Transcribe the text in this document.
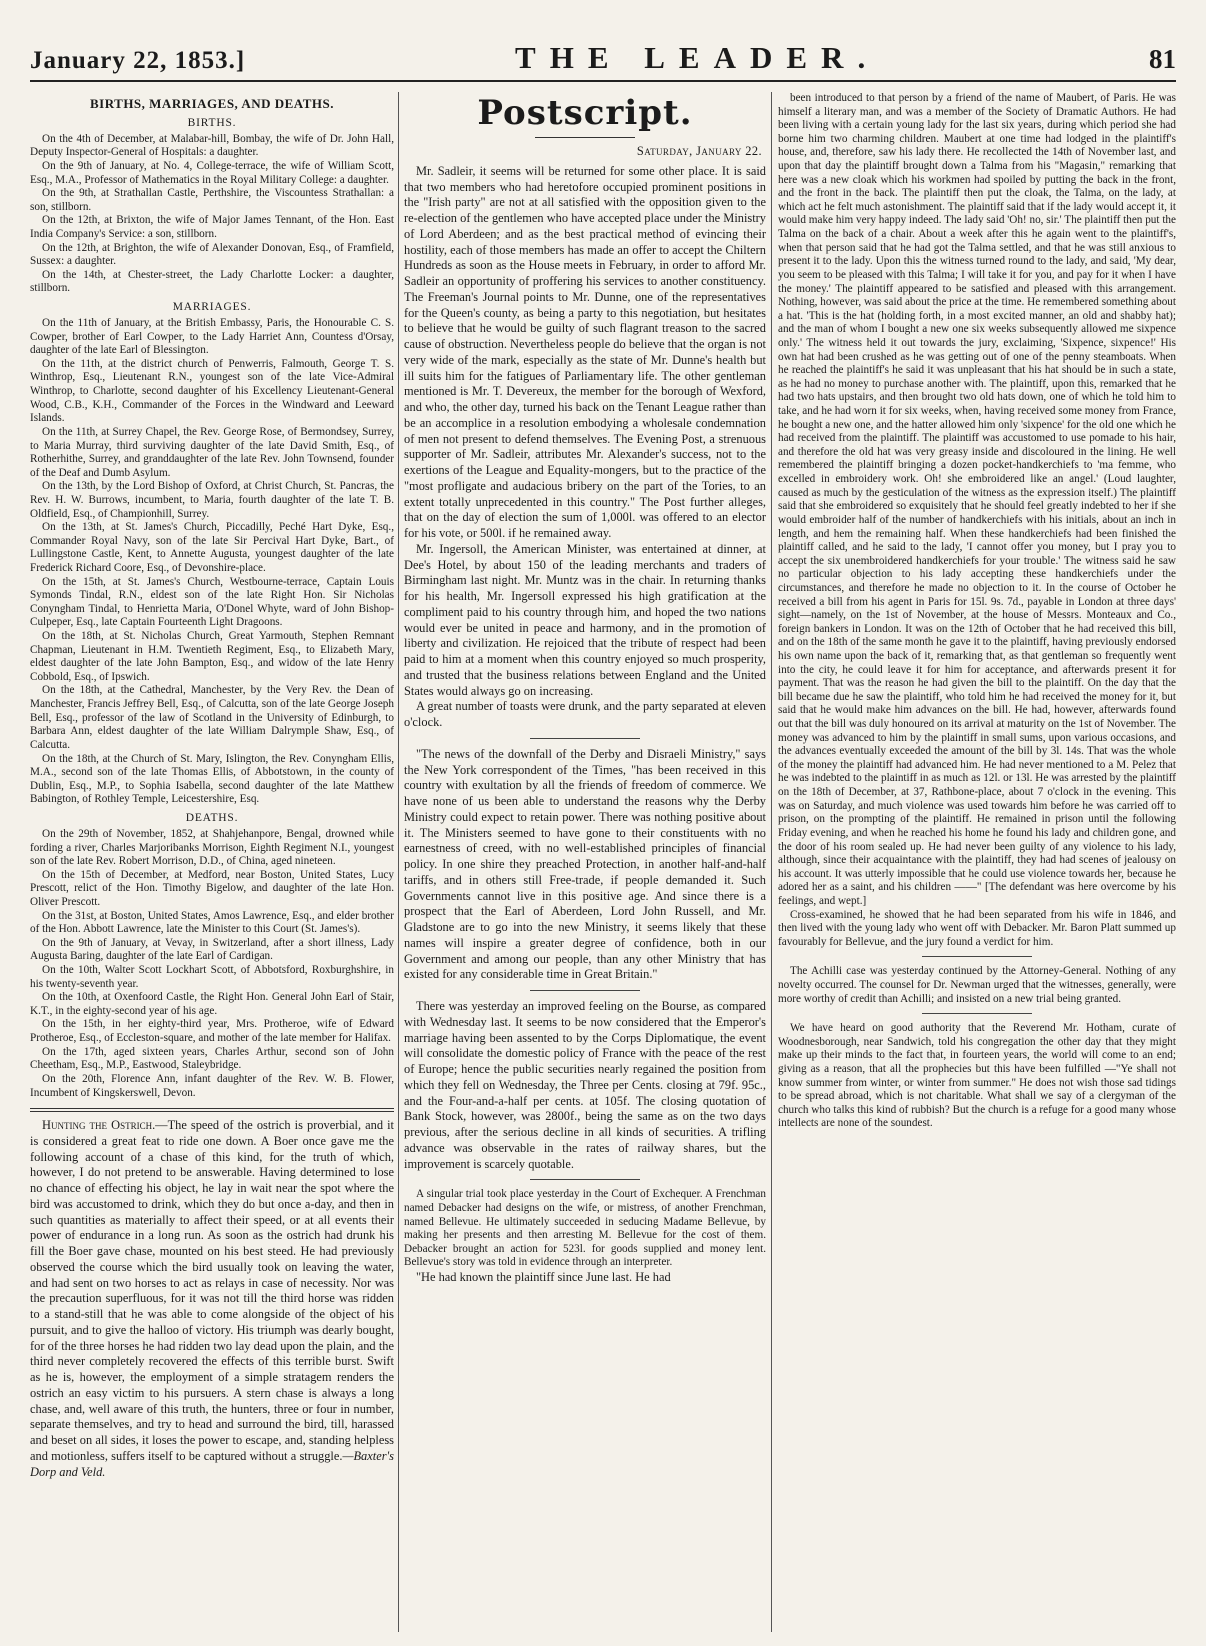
January 22, 1853.]	THE LEADER.	81
BIRTHS, MARRIAGES, AND DEATHS.
BIRTHS.

On the 4th of December, at Malabar-hill, Bombay, the wife of Dr. John Hall, Deputy Inspector-General of Hospitals: a daughter.

On the 9th of January, at No. 4, College-terrace, the wife of William Scott, Esq., M.A., Professor of Mathematics in the Royal Military College: a daughter.

On the 9th, at Strathallan Castle, Perthshire, the Viscountess Strathallan: a son, stillborn.

On the 12th, at Brixton, the wife of Major James Tennant, of the Hon. East India Company's Service: a son, stillborn.

On the 12th, at Brighton, the wife of Alexander Donovan, Esq., of Framfield, Sussex: a daughter.

On the 14th, at Chester-street, the Lady Charlotte Locker: a daughter, stillborn.

MARRIAGES.

On the 11th of January, at the British Embassy, Paris, the Honourable C. S. Cowper, brother of Earl Cowper, to the Lady Harriet Ann, Countess d'Orsay, daughter of the late Earl of Blessington.

On the 11th, at the district church of Penwerris, Falmouth, George T. S. Winthrop, Esq., Lieutenant R.N., youngest son of the late Vice-Admiral Winthrop, to Charlotte, second daughter of his Excellency Lieutenant-General Wood, C.B., K.H., Commander of the Forces in the Windward and Leeward Islands.

On the 11th, at Surrey Chapel, the Rev. George Rose, of Bermondsey, Surrey, to Maria Murray, third surviving daughter of the late David Smith, Esq., of Rotherhithe, Surrey, and granddaughter of the late Rev. John Townsend, founder of the Deaf and Dumb Asylum.

On the 13th, by the Lord Bishop of Oxford, at Christ Church, St. Pancras, the Rev. H. W. Burrows, incumbent, to Maria, fourth daughter of the late T. B. Oldfield, Esq., of Championhill, Surrey.

On the 13th, at St. James's Church, Piccadilly, Peché Hart Dyke, Esq., Commander Royal Navy, son of the late Sir Percival Hart Dyke, Bart., of Lullingstone Castle, Kent, to Annette Augusta, youngest daughter of the late Frederick Richard Coore, Esq., of Devonshire-place.

On the 15th, at St. James's Church, Westbourne-terrace, Captain Louis Symonds Tindal, R.N., eldest son of the late Right Hon. Sir Nicholas Conyngham Tindal, to Henrietta Maria, O'Donel Whyte, ward of John Bishop-Culpeper, Esq., late Captain Fourteenth Light Dragoons.

On the 18th, at St. Nicholas Church, Great Yarmouth, Stephen Remnant Chapman, Lieutenant in H.M. Twentieth Regiment, Esq., to Elizabeth Mary, eldest daughter of the late John Bampton, Esq., and widow of the late Henry Cobbold, Esq., of Ipswich.

On the 18th, at the Cathedral, Manchester, by the Very Rev. the Dean of Manchester, Francis Jeffrey Bell, Esq., of Calcutta, son of the late George Joseph Bell, Esq., professor of the law of Scotland in the University of Edinburgh, to Barbara Ann, eldest daughter of the late William Dalrymple Shaw, Esq., of Calcutta.

On the 18th, at the Church of St. Mary, Islington, the Rev. Conyngham Ellis, M.A., second son of the late Thomas Ellis, of Abbotstown, in the county of Dublin, Esq., M.P., to Sophia Isabella, second daughter of the late Matthew Babington, of Rothley Temple, Leicestershire, Esq.

DEATHS.

On the 29th of November, 1852, at Shahjehanpore, Bengal, drowned while fording a river, Charles Marjoribanks Morrison, Eighth Regiment N.I., youngest son of the late Rev. Robert Morrison, D.D., of China, aged nineteen.

On the 15th of December, at Medford, near Boston, United States, Lucy Prescott, relict of the Hon. Timothy Bigelow, and daughter of the late Hon. Oliver Prescott.

On the 31st, at Boston, United States, Amos Lawrence, Esq., and elder brother of the Hon. Abbott Lawrence, late the Minister to this Court (St. James's).

On the 9th of January, at Vevay, in Switzerland, after a short illness, Lady Augusta Baring, daughter of the late Earl of Cardigan.

On the 10th, Walter Scott Lockhart Scott, of Abbotsford, Roxburghshire, in his twenty-seventh year.

On the 10th, at Oxenfoord Castle, the Right Hon. General John Earl of Stair, K.T., in the eighty-second year of his age.

On the 15th, in her eighty-third year, Mrs. Protheroe, wife of Edward Protheroe, Esq., of Eccleston-square, and mother of the late member for Halifax.

On the 17th, aged sixteen years, Charles Arthur, second son of John Cheetham, Esq., M.P., Eastwood, Staleybridge.

On the 20th, Florence Ann, infant daughter of the Rev. W. B. Flower, Incumbent of Kingskerswell, Devon.

Hunting the Ostrich.—The speed of the ostrich is proverbial, and it is considered a great feat to ride one down. A Boer once gave me the following account of a chase of this kind, for the truth of which, however, I do not pretend to be answerable. Having determined to lose no chance of effecting his object, he lay in wait near the spot where the bird was accustomed to drink, which they do but once a-day, and then in such quantities as materially to affect their speed, or at all events their power of endurance in a long run. As soon as the ostrich had drunk his fill the Boer gave chase, mounted on his best steed. He had previously observed the course which the bird usually took on leaving the water, and had sent on two horses to act as relays in case of necessity. Nor was the precaution superfluous, for it was not till the third horse was ridden to a stand-still that he was able to come alongside of the object of his pursuit, and to give the halloo of victory. His triumph was dearly bought, for of the three horses he had ridden two lay dead upon the plain, and the third never completely recovered the effects of this terrible burst. Swift as he is, however, the employment of a simple stratagem renders the ostrich an easy victim to his pursuers. A stern chase is always a long chase, and, well aware of this truth, the hunters, three or four in number, separate themselves, and try to head and surround the bird, till, harassed and beset on all sides, it loses the power to escape, and, standing helpless and motionless, suffers itself to be captured without a struggle.—Baxter's Dorp and Veld.

Postscript.

Saturday, January 22.

Mr. Sadleir, it seems will be returned for some other place. It is said that two members who had heretofore occupied prominent positions in the "Irish party" are not at all satisfied with the opposition given to the re-election of the gentlemen who have accepted place under the Ministry of Lord Aberdeen; and as the best practical method of evincing their hostility, each of those members has made an offer to accept the Chiltern Hundreds as soon as the House meets in February, in order to afford Mr. Sadleir an opportunity of proffering his services to another constituency. The Freeman's Journal points to Mr. Dunne, one of the representatives for the Queen's county, as being a party to this negotiation, but hesitates to believe that he would be guilty of such flagrant treason to the sacred cause of obstruction. Nevertheless people do believe that the organ is not very wide of the mark, especially as the state of Mr. Dunne's health but ill suits him for the fatigues of Parliamentary life. The other gentleman mentioned is Mr. T. Devereux, the member for the borough of Wexford, and who, the other day, turned his back on the Tenant League rather than be an accomplice in a resolution embodying a wholesale condemnation of men not present to defend themselves. The Evening Post, a strenuous supporter of Mr. Sadleir, attributes Mr. Alexander's success, not to the exertions of the League and Equality-mongers, but to the practice of the "most profligate and audacious bribery on the part of the Tories, to an extent totally unprecedented in this country." The Post further alleges, that on the day of election the sum of 1,000l. was offered to an elector for his vote, or 500l. if he remained away.

Mr. Ingersoll, the American Minister, was entertained at dinner, at Dee's Hotel, by about 150 of the leading merchants and traders of Birmingham last night. Mr. Muntz was in the chair. In returning thanks for his health, Mr. Ingersoll expressed his high gratification at the compliment paid to his country through him, and hoped the two nations would ever be united in peace and harmony, and in the promotion of liberty and civilization. He rejoiced that the tribute of respect had been paid to him at a moment when this country enjoyed so much prosperity, and trusted that the business relations between England and the United States would always go on increasing.

A great number of toasts were drunk, and the party separated at eleven o'clock.

"The news of the downfall of the Derby and Disraeli Ministry," says the New York correspondent of the Times, "has been received in this country with exultation by all the friends of freedom of commerce. We have none of us been able to understand the reasons why the Derby Ministry could expect to retain power. There was nothing positive about it. The Ministers seemed to have gone to their constituents with no earnestness of creed, with no well-established principles of financial policy. In one shire they preached Protection, in another half-and-half tariffs, and in others still Free-trade, if people demanded it. Such Governments cannot live in this positive age. And since there is a prospect that the Earl of Aberdeen, Lord John Russell, and Mr. Gladstone are to go into the new Ministry, it seems likely that these names will inspire a greater degree of confidence, both in our Government and among our people, than any other Ministry that has existed for any considerable time in Great Britain."

There was yesterday an improved feeling on the Bourse, as compared with Wednesday last. It seems to be now considered that the Emperor's marriage having been assented to by the Corps Diplomatique, the event will consolidate the domestic policy of France with the peace of the rest of Europe; hence the public securities nearly regained the position from which they fell on Wednesday, the Three per Cents. closing at 79f. 95c., and the Four-and-a-half per cents. at 105f. The closing quotation of Bank Stock, however, was 2800f., being the same as on the two days previous, after the serious decline in all kinds of securities. A trifling advance was observable in the rates of railway shares, but the improvement is scarcely quotable.

A singular trial took place yesterday in the Court of Exchequer. A Frenchman named Debacker had designs on the wife, or mistress, of another Frenchman, named Bellevue. He ultimately succeeded in seducing Madame Bellevue, by making her presents and then arresting M. Bellevue for the cost of them. Debacker brought an action for 523l. for goods supplied and money lent. Bellevue's story was told in evidence through an interpreter.

"He had known the plaintiff since June last. He had

been introduced to that person by a friend of the name of Maubert, of Paris. He was himself a literary man, and was a member of the Society of Dramatic Authors. He had been living with a certain young lady for the last six years, during which period she had borne him two charming children. Maubert at one time had lodged in the plaintiff's house, and, therefore, saw his lady there. He recollected the 14th of November last, and upon that day the plaintiff brought down a Talma from his "Magasin," remarking that here was a new cloak which his workmen had spoiled by putting the back in the front, and the front in the back. The plaintiff then put the cloak, the Talma, on the lady, at which act he felt much astonishment. The plaintiff said that if the lady would accept it, it would make him very happy indeed. The lady said 'Oh! no, sir.' The plaintiff then put the Talma on the back of a chair. About a week after this he again went to the plaintiff's, when that person said that he had got the Talma settled, and that he was still anxious to present it to the lady. Upon this the witness turned round to the lady, and said, 'My dear, you seem to be pleased with this Talma; I will take it for you, and pay for it when I have the money.' The plaintiff appeared to be satisfied and pleased with this arrangement. Nothing, however, was said about the price at the time. He remembered something about a hat. 'This is the hat (holding forth, in a most excited manner, an old and shabby hat); and the man of whom I bought a new one six weeks subsequently allowed me sixpence only.' The witness held it out towards the jury, exclaiming, 'Sixpence, sixpence!' His own hat had been crushed as he was getting out of one of the penny steamboats. When he reached the plaintiff's he said it was unpleasant that his hat should be in such a state, as he had no money to purchase another with. The plaintiff, upon this, remarked that he had two hats upstairs, and then brought two old hats down, one of which he told him to take, and he had worn it for six weeks, when, having received some money from France, he bought a new one, and the hatter allowed him only 'sixpence' for the old one which he had received from the plaintiff. The plaintiff was accustomed to use pomade to his hair, and therefore the old hat was very greasy inside and discoloured in the lining. He well remembered the plaintiff bringing a dozen pocket-handkerchiefs to 'ma femme, who excelled in embroidery work. Oh! she embroidered like an angel.' (Loud laughter, caused as much by the gesticulation of the witness as the expression itself.) The plaintiff said that she embroidered so exquisitely that he should feel greatly indebted to her if she would embroider half of the number of handkerchiefs with his initials, about an inch in length, and hem the remaining half. When these handkerchiefs had been finished the plaintiff called, and he said to the lady, 'I cannot offer you money, but I pray you to accept the six unembroidered handkerchiefs for your trouble.' The witness said he saw no particular objection to his lady accepting these handkerchiefs under the circumstances, and therefore he made no objection to it. In the course of October he received a bill from his agent in Paris for 15l. 9s. 7d., payable in London at three days' sight—namely, on the 1st of November, at the house of Messrs. Monteaux and Co., foreign bankers in London. It was on the 12th of October that he had received this bill, and on the 18th of the same month he gave it to the plaintiff, having previously endorsed his own name upon the back of it, remarking that, as that gentleman so frequently went into the city, he could leave it for him for acceptance, and afterwards present it for payment. That was the reason he had given the bill to the plaintiff. On the day that the bill became due he saw the plaintiff, who told him he had received the money for it, but said that he would make him advances on the bill. He had, however, afterwards found out that the bill was duly honoured on its arrival at maturity on the 1st of November. The money was advanced to him by the plaintiff in small sums, upon various occasions, and the advances eventually exceeded the amount of the bill by 3l. 14s. That was the whole of the money the plaintiff had advanced him. He had never mentioned to a M. Pelez that he was indebted to the plaintiff in as much as 12l. or 13l. He was arrested by the plaintiff on the 18th of December, at 37, Rathbone-place, about 7 o'clock in the evening. This was on Saturday, and much violence was used towards him before he was carried off to prison, on the prompting of the plaintiff. He remained in prison until the following Friday evening, and when he reached his home he found his lady and children gone, and the door of his room sealed up. He had never been guilty of any violence to his lady, although, since their acquaintance with the plaintiff, they had had scenes of jealousy on his account. It was utterly impossible that he could use violence towards her, because he adored her as a saint, and his children ——" [The defendant was here overcome by his feelings, and wept.]

Cross-examined, he showed that he had been separated from his wife in 1846, and then lived with the young lady who went off with Debacker. Mr. Baron Platt summed up favourably for Bellevue, and the jury found a verdict for him.

The Achilli case was yesterday continued by the Attorney-General. Nothing of any novelty occurred. The counsel for Dr. Newman urged that the witnesses, generally, were more worthy of credit than Achilli; and insisted on a new trial being granted.

We have heard on good authority that the Reverend Mr. Hotham, curate of Woodnesborough, near Sandwich, told his congregation the other day that they might make up their minds to the fact that, in fourteen years, the world will come to an end; giving as a reason, that all the prophecies but this have been fulfilled —"Ye shall not know summer from winter, or winter from summer." He does not wish those sad tidings to be spread abroad, which is not charitable. What shall we say of a clergyman of the church who talks this kind of rubbish? But the church is a refuge for a good many whose intellects are none of the soundest.
